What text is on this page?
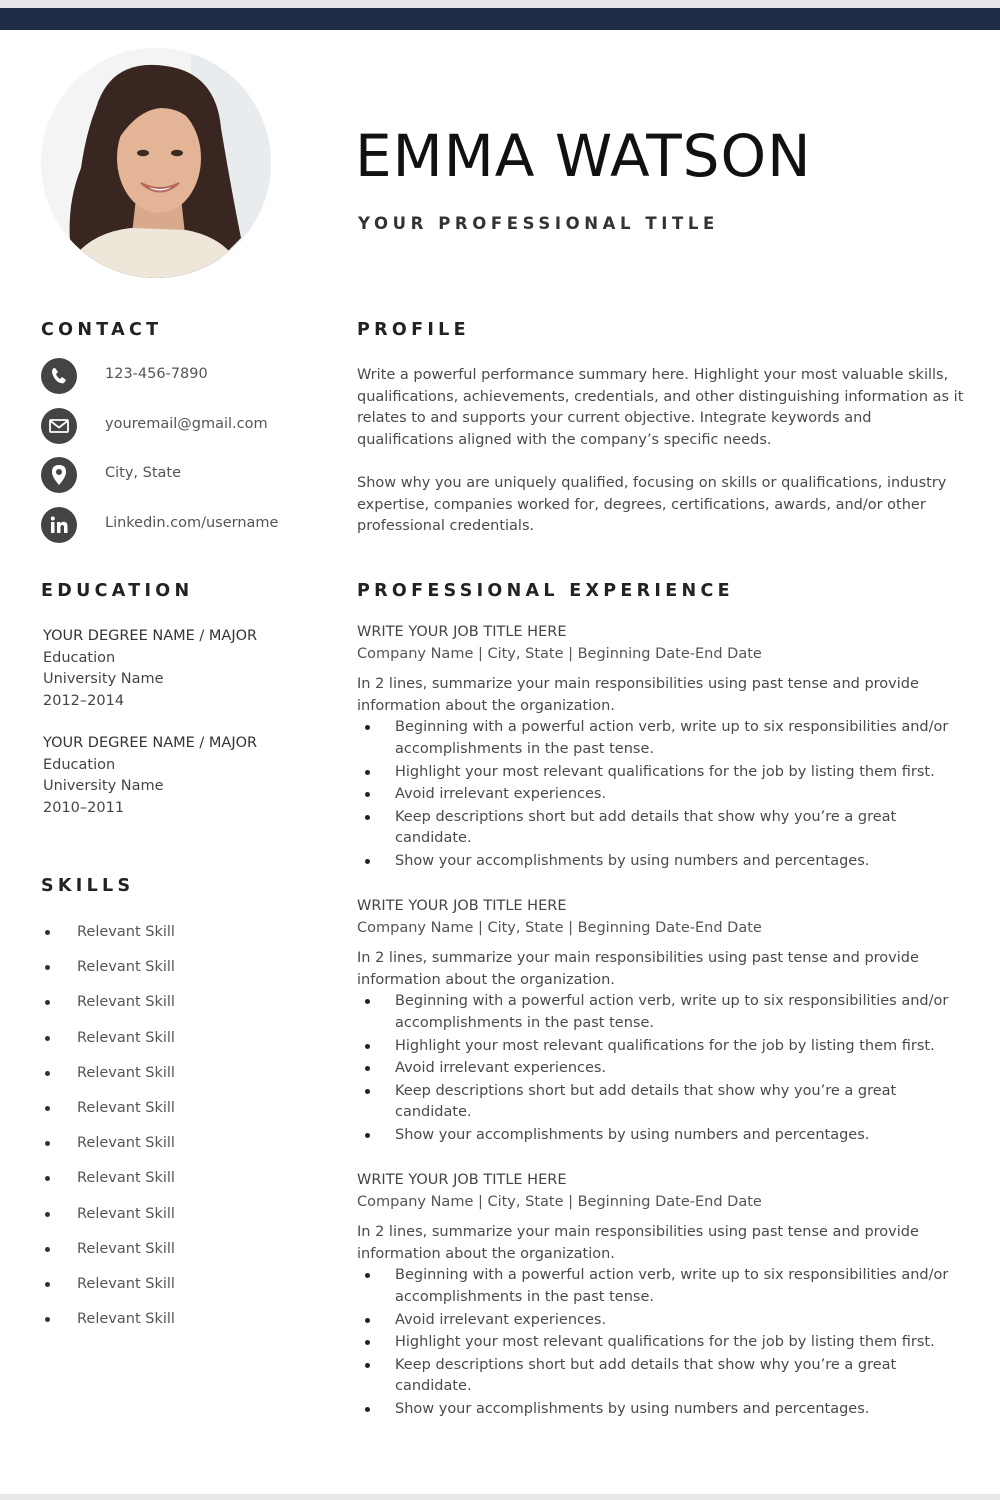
EMMA WATSON
YOUR PROFESSIONAL TITLE
CONTACT
123-456-7890
youremail@gmail.com
City, State
Linkedin.com/username
EDUCATION
YOUR DEGREE NAME / MAJOR
Education
University Name
2012–2014
YOUR DEGREE NAME / MAJOR
Education
University Name
2010–2011
SKILLS
Relevant Skill
Relevant Skill
Relevant Skill
Relevant Skill
Relevant Skill
Relevant Skill
Relevant Skill
Relevant Skill
Relevant Skill
Relevant Skill
Relevant Skill
Relevant Skill
PROFILE
Write a powerful performance summary here. Highlight your most valuable skills, qualifications, achievements, credentials, and other distinguishing information as it relates to and supports your current objective. Integrate keywords and qualifications aligned with the company’s specific needs.
Show why you are uniquely qualified, focusing on skills or qualifications, industry expertise, companies worked for, degrees, certifications, awards, and/or other professional credentials.
PROFESSIONAL EXPERIENCE
WRITE YOUR JOB TITLE HERE
Company Name | City, State | Beginning Date-End Date
In 2 lines, summarize your main responsibilities using past tense and provide information about the organization.
Beginning with a powerful action verb, write up to six responsibilities and/or accomplishments in the past tense.
Highlight your most relevant qualifications for the job by listing them first.
Avoid irrelevant experiences.
Keep descriptions short but add details that show why you’re a great candidate.
Show your accomplishments by using numbers and percentages.
WRITE YOUR JOB TITLE HERE
Company Name | City, State | Beginning Date-End Date
In 2 lines, summarize your main responsibilities using past tense and provide information about the organization.
Beginning with a powerful action verb, write up to six responsibilities and/or accomplishments in the past tense.
Highlight your most relevant qualifications for the job by listing them first.
Avoid irrelevant experiences.
Keep descriptions short but add details that show why you’re a great candidate.
Show your accomplishments by using numbers and percentages.
WRITE YOUR JOB TITLE HERE
Company Name | City, State | Beginning Date-End Date
In 2 lines, summarize your main responsibilities using past tense and provide information about the organization.
Beginning with a powerful action verb, write up to six responsibilities and/or accomplishments in the past tense.
Avoid irrelevant experiences.
Highlight your most relevant qualifications for the job by listing them first.
Keep descriptions short but add details that show why you’re a great candidate.
Show your accomplishments by using numbers and percentages.
